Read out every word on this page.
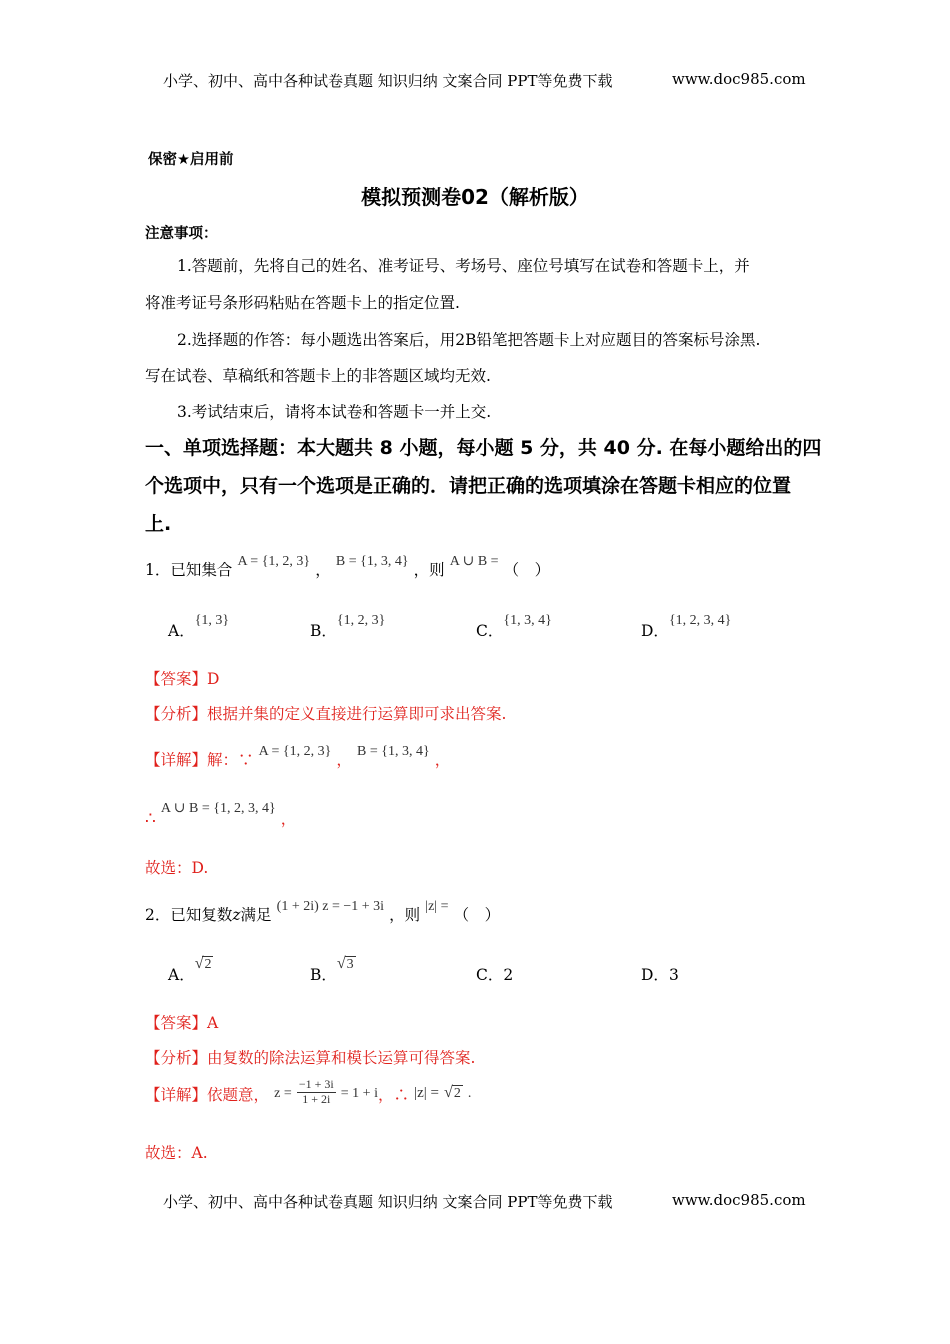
小学、初中、高中各种试卷真题 知识归纳 文案合同 PPT等免费下载	www.doc985.com
保密★启用前
模拟预测卷02（解析版）
注意事项：
1.答题前，先将自己的姓名、准考证号、考场号、座位号填写在试卷和答题卡上，并
将准考证号条形码粘贴在答题卡上的指定位置.
2.选择题的作答：每小题选出答案后，用2B铅笔把答题卡上对应题目的答案标号涂黑.
写在试卷、草稿纸和答题卡上的非答题区域均无效.
3.考试结束后，请将本试卷和答题卡一并上交.
一、单项选择题：本大题共 8 小题，每小题 5 分，共 40 分. 在每小题给出的四
个选项中，只有一个选项是正确的．请把正确的选项填涂在答题卡相应的位置
上.
1．已知集合 A = {1, 2, 3} ， B = {1, 3, 4} ，则 A ∪ B = （　）
A．{1, 3}
B．{1, 2, 3}
C．{1, 3, 4}
D．{1, 2, 3, 4}
【答案】D
【分析】根据并集的定义直接进行运算即可求出答案.
【详解】解：∵ A = {1, 2, 3} ， B = {1, 3, 4} ，
∴ A ∪ B = {1, 2, 3, 4} ，
故选：D.
2．已知复数z满足 (1 + 2i) z = −1 + 3i ，则 |z| = （　）
A．√2
B．√3
C．2	D．3
【答案】A
【分析】由复数的除法运算和模长运算可得答案.
【详解】依题意， $z = \frac{-1 + 3i}{1 + 2i} = 1 + i$，∴ |z| = √2 .
故选：A.
小学、初中、高中各种试卷真题 知识归纳 文案合同 PPT等免费下载	www.doc985.com
